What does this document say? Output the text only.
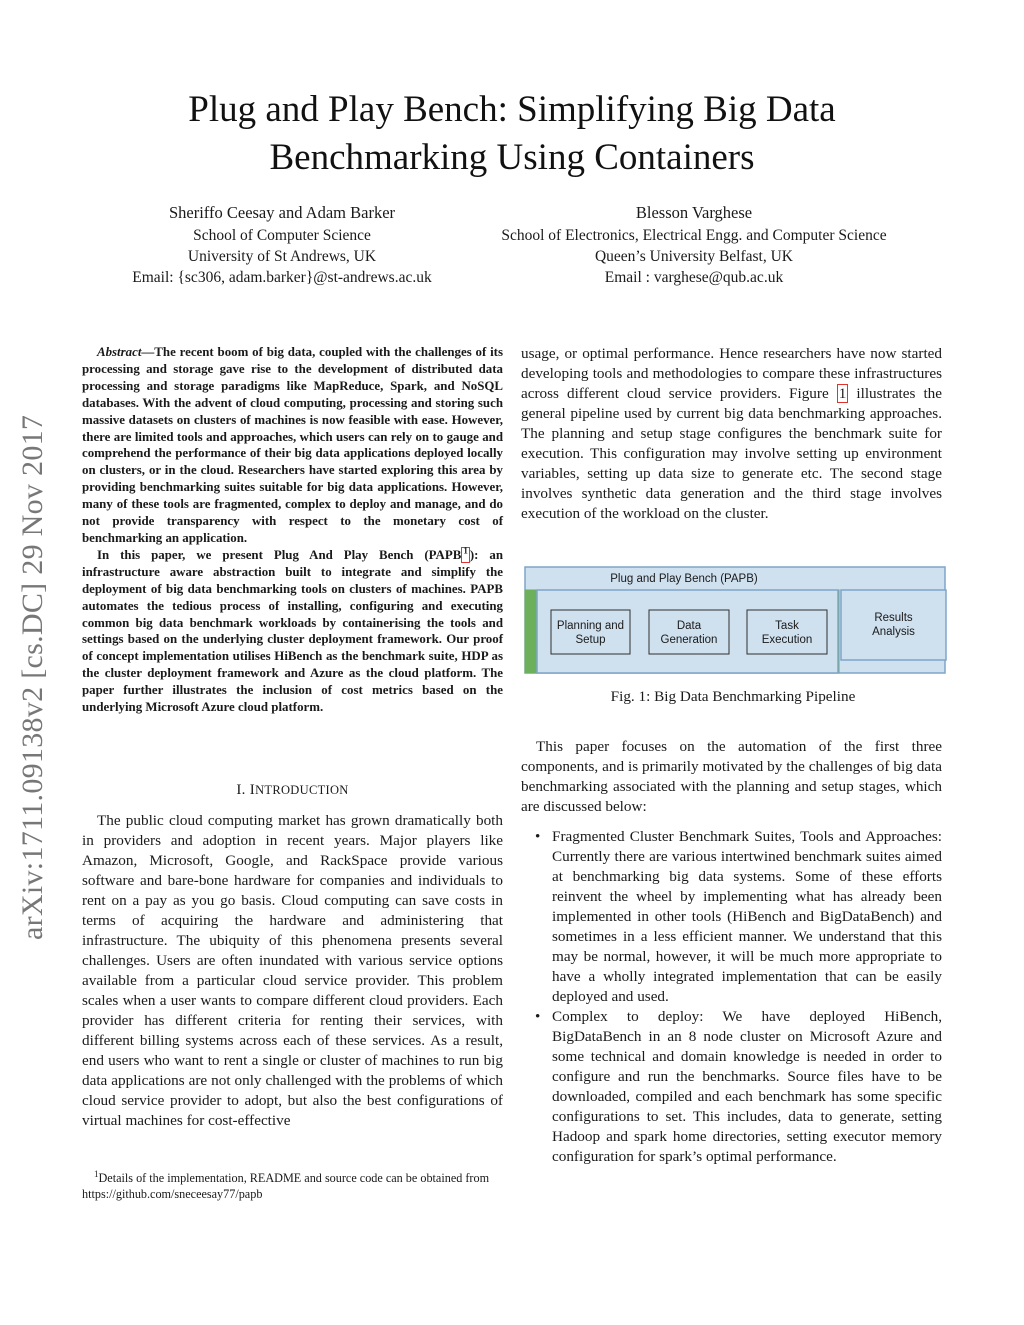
Plug and Play Bench: Simplifying Big Data
Benchmarking Using Containers
Sheriffo Ceesay and Adam Barker
School of Computer Science
University of St Andrews, UK
Email: {sc306, adam.barker}@st-andrews.ac.uk
Blesson Varghese
School of Electronics, Electrical Engg. and Computer Science
Queen’s University Belfast, UK
Email : varghese@qub.ac.uk
arXiv:1711.09138v2 [cs.DC] 29 Nov 2017

Abstract—The recent boom of big data, coupled with the challenges of its processing and storage gave rise to the development of distributed data processing and storage paradigms like MapReduce, Spark, and NoSQL databases. With the advent of cloud computing, processing and storing such massive datasets on clusters of machines is now feasible with ease. However, there are limited tools and approaches, which users can rely on to gauge and comprehend the performance of their big data applications deployed locally on clusters, or in the cloud. Researchers have started exploring this area by providing benchmarking suites suitable for big data applications. However, many of these tools are fragmented, complex to deploy and manage, and do not provide transparency with respect to the monetary cost of benchmarking an application.

In this paper, we present Plug And Play Bench (PAPB $^1$ ): an infrastructure aware abstraction built to integrate and simplify the deployment of big data benchmarking tools on clusters of machines. PAPB automates the tedious process of installing, configuring and executing common big data benchmark workloads by containerising the tools and settings based on the underlying cluster deployment framework. Our proof of concept implementation utilises HiBench as the benchmark suite, HDP as the cluster deployment framework and Azure as the cloud platform. The paper further illustrates the inclusion of cost metrics based on the underlying Microsoft Azure cloud platform.

I. INTRODUCTION

The public cloud computing market has grown dramatically both in providers and adoption in recent years. Major players like Amazon, Microsoft, Google, and RackSpace provide various software and bare-bone hardware for companies and individuals to rent on a pay as you go basis. Cloud computing can save costs in terms of acquiring the hardware and administering that infrastructure. The ubiquity of this phenomena presents several challenges. Users are often inundated with various service options available from a particular cloud service provider. This problem scales when a user wants to compare different cloud providers. Each provider has different criteria for renting their services, with different billing systems across each of these services. As a result, end users who want to rent a single or cluster of machines to run big data applications are not only challenged with the problems of which cloud service provider to adopt, but also the best configurations of virtual machines for cost-effective

$^1$Details of the implementation, README and source code can be obtained from https://github.com/sneceesay77/papb

usage, or optimal performance. Hence researchers have now started developing tools and methodologies to compare these infrastructures across different cloud service providers. Figure 1 illustrates the general pipeline used by current big data benchmarking approaches. The planning and setup stage configures the benchmark suite for execution. This configuration may involve setting up environment variables, setting up data size to generate etc. The second stage involves synthetic data generation and the third stage involves execution of the workload on the cluster.

Plug and Play Bench (PAPB)
Planning and
Setup
Data
Generation
Task
Execution
Results
Analysis
Fig. 1: Big Data Benchmarking Pipeline

This paper focuses on the automation of the first three components, and is primarily motivated by the challenges of big data benchmarking associated with the planning and setup stages, which are discussed below:

• Fragmented Cluster Benchmark Suites, Tools and Approaches: Currently there are various intertwined benchmark suites aimed at benchmarking big data systems. Some of these efforts reinvent the wheel by implementing what has already been implemented in other tools (HiBench and BigDataBench) and sometimes in a less efficient manner. We understand that this may be normal, however, it will be much more appropriate to have a wholly integrated implementation that can be easily deployed and used.
• Complex to deploy: We have deployed HiBench, BigDataBench in an 8 node cluster on Microsoft Azure and some technical and domain knowledge is needed in order to configure and run the benchmarks. Source files have to be downloaded, compiled and each benchmark has some specific configurations to set. This includes, data to generate, setting Hadoop and spark home directories, setting executor memory configuration for spark’s optimal performance.
